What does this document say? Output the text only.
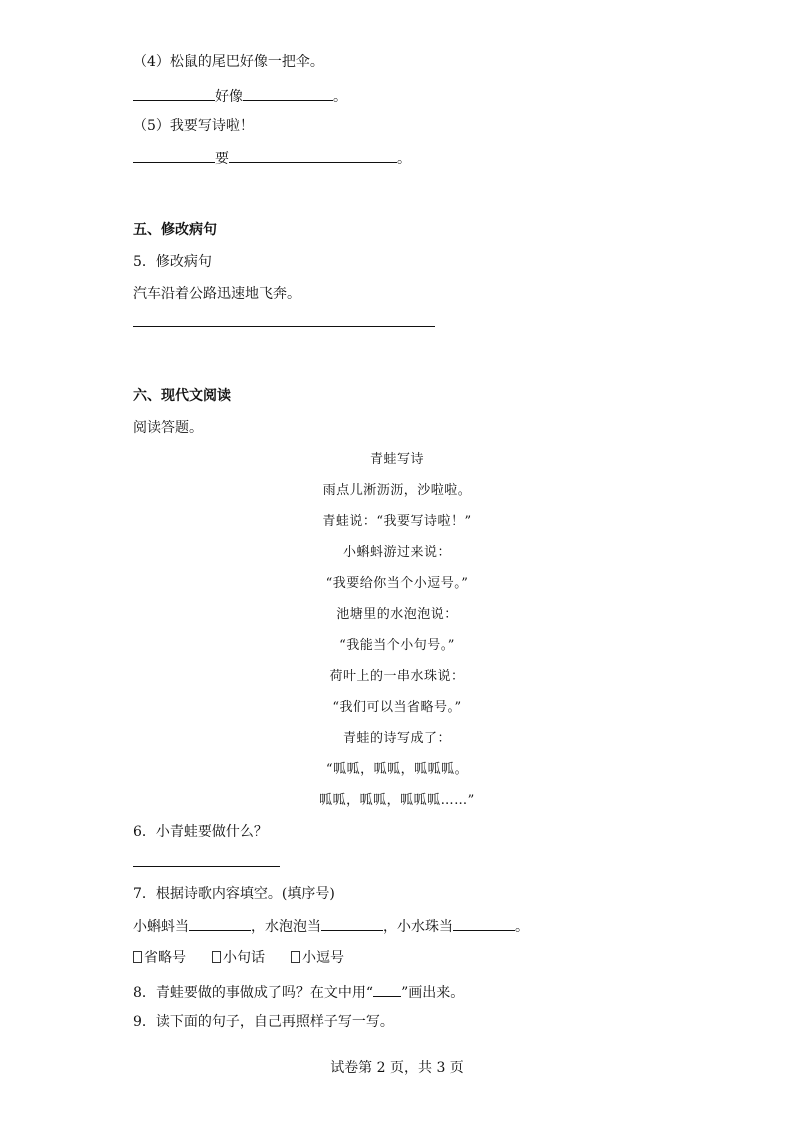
（4）松鼠的尾巴好像一把伞。
好像	。
（5）我要写诗啦！
要	。
五、修改病句
5．修改病句
汽车沿着公路迅速地飞奔。
六、现代文阅读
阅读答题。
青蛙写诗
雨点儿淅沥沥，沙啦啦。
青蛙说：“我要写诗啦！”
小蝌蚪游过来说：
“我要给你当个小逗号。”
池塘里的水泡泡说：
“我能当个小句号。”
荷叶上的一串水珠说：
“我们可以当省略号。”
青蛙的诗写成了：
“呱呱，呱呱，呱呱呱。
呱呱，呱呱，呱呱呱……”
6．小青蛙要做什么？
7．根据诗歌内容填空。(填序号)
小蝌蚪当	，水泡泡当	，小水珠当	。
省略号	小句话	小逗号
8．青蛙要做的事做成了吗？在文中用“ ”画出来。
9．读下面的句子，自己再照样子写一写。
试卷第 2 页，共 3 页
